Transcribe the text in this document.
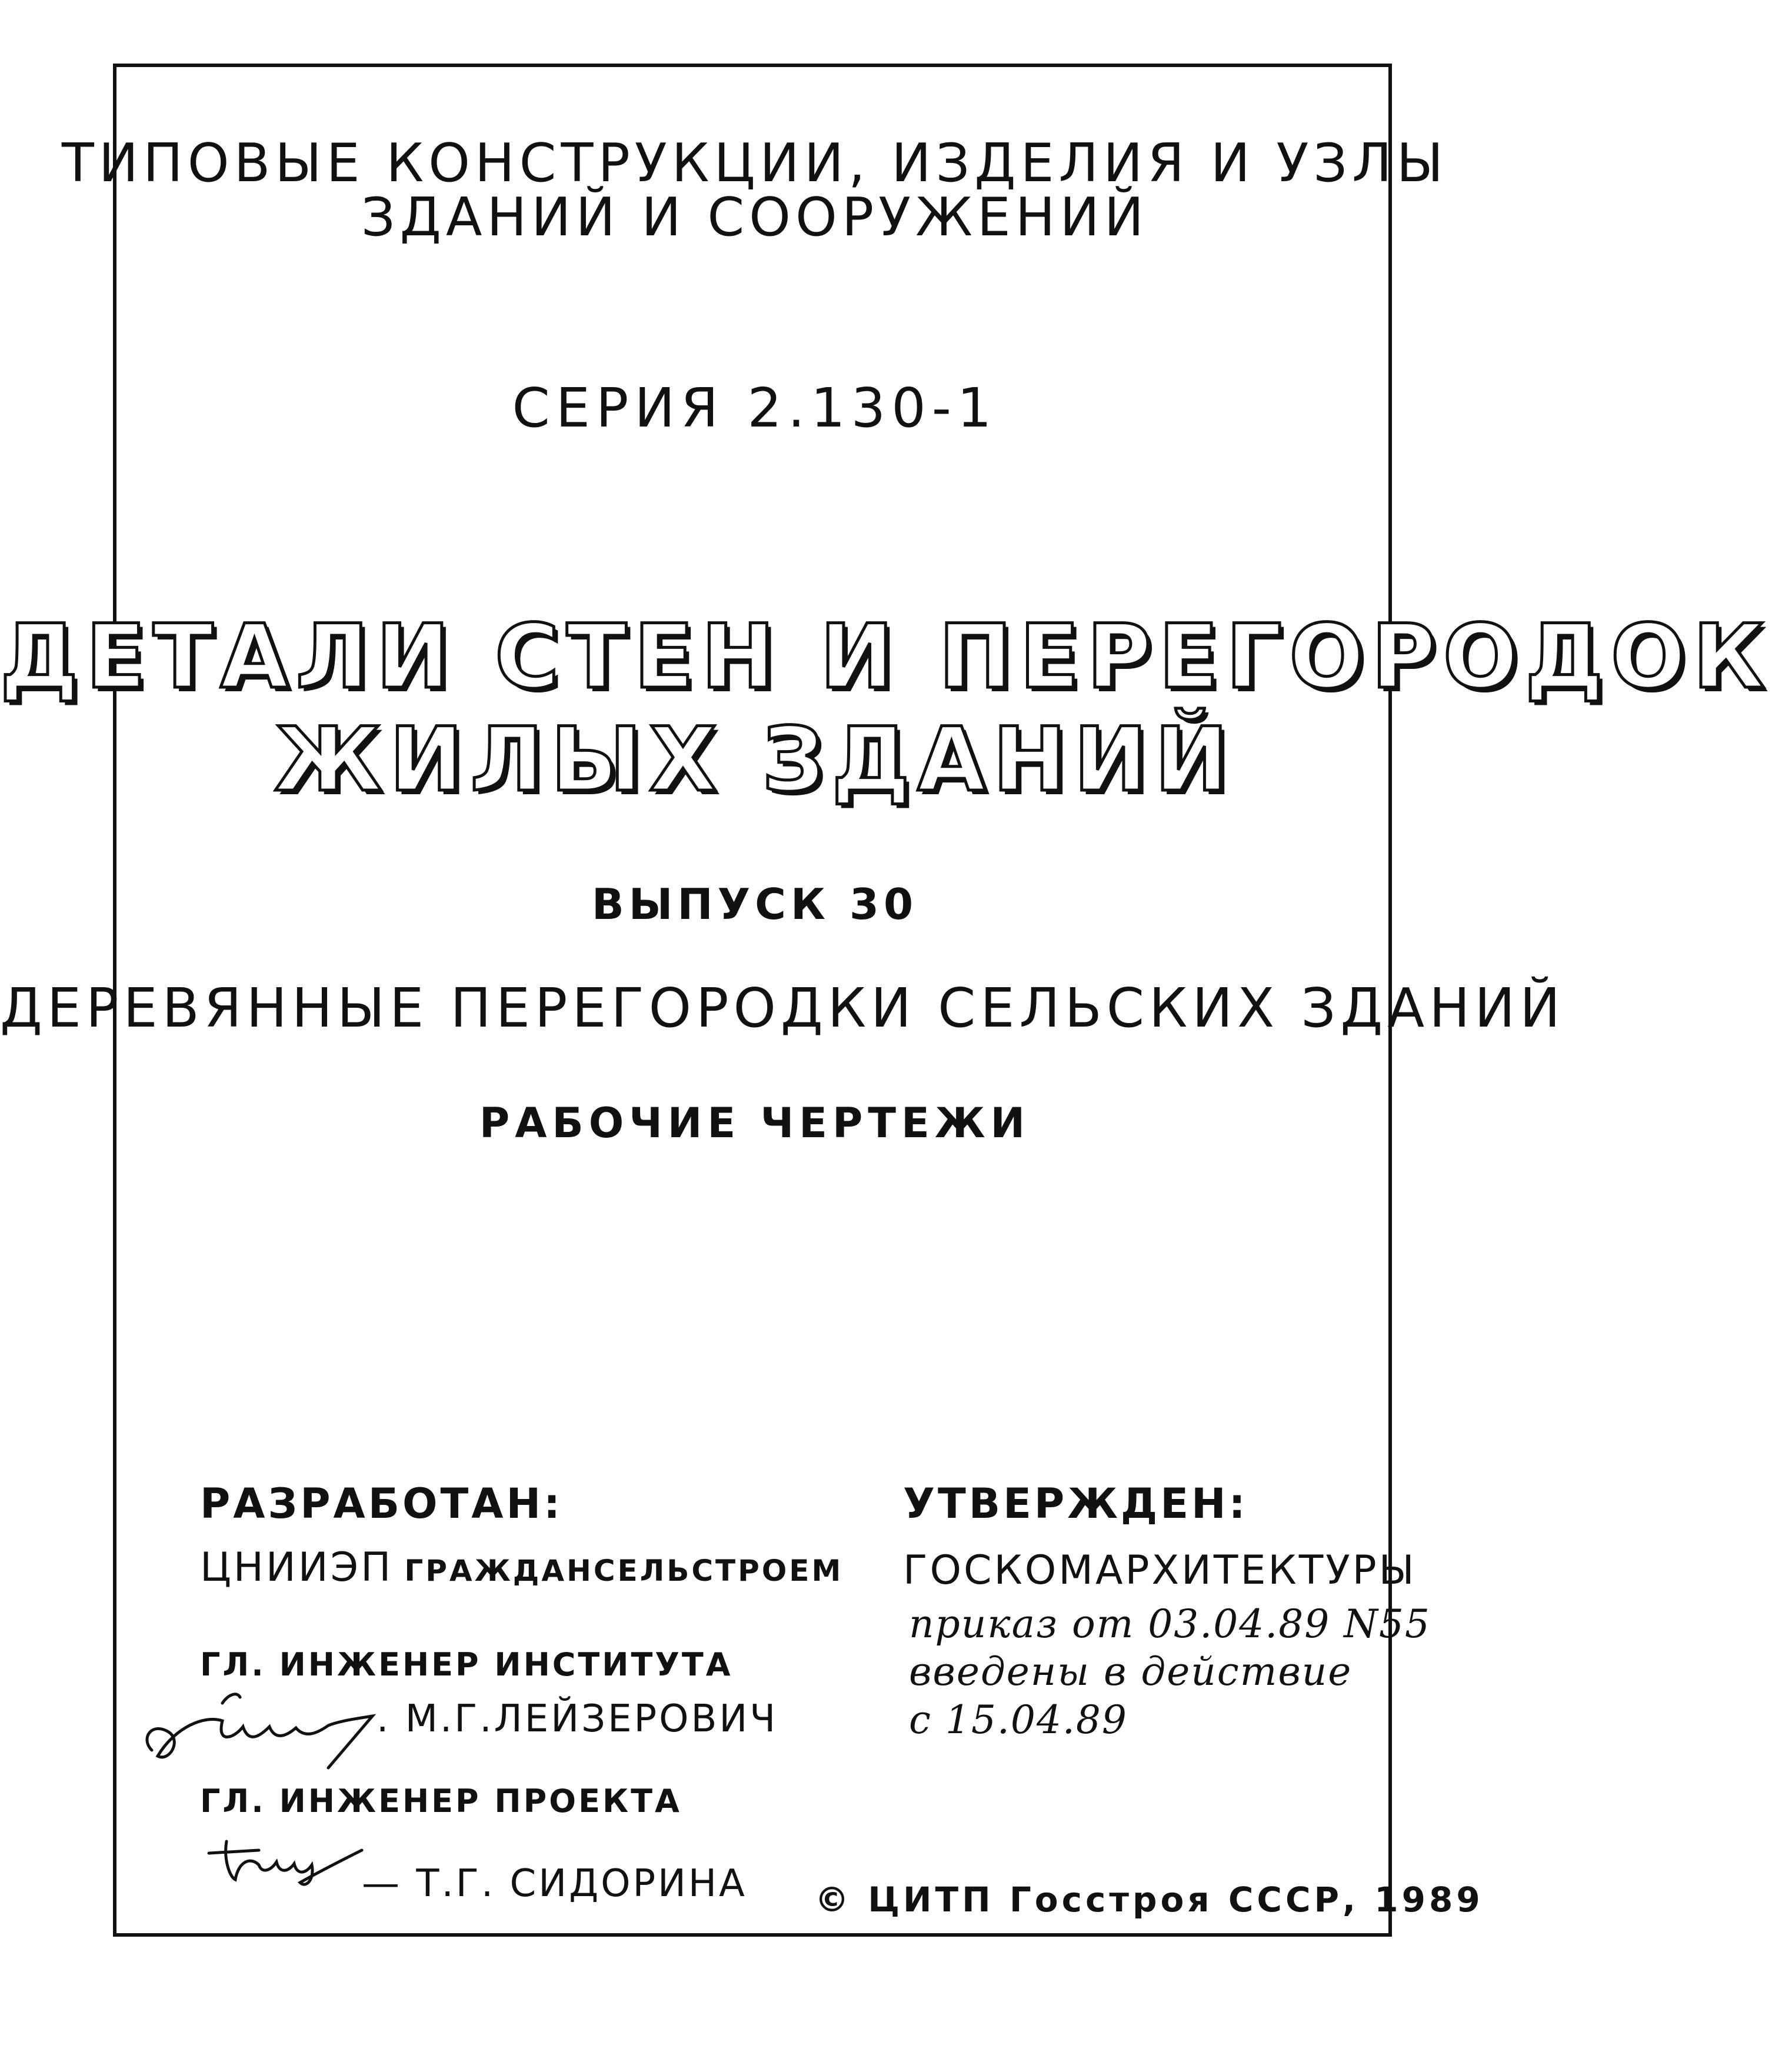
ТИПОВЫЕ КОНСТРУКЦИИ, ИЗДЕЛИЯ И УЗЛЫ
ЗДАНИЙ И СООРУЖЕНИЙ
СЕРИЯ 2.130-1
ДЕТАЛИ СТЕН И ПЕРЕГОРОДОК
ЖИЛЫХ ЗДАНИЙ
ВЫПУСК 30
ДЕРЕВЯННЫЕ ПЕРЕГОРОДКИ СЕЛЬСКИХ ЗДАНИЙ
РАБОЧИЕ ЧЕРТЕЖИ
РАЗРАБОТАН:
ЦНИИЭП ГРАЖДАНСЕЛЬСТРОЕМ
ГЛ. ИНЖЕНЕР ИНСТИТУТА
. М.Г.ЛЕЙЗЕРОВИЧ
ГЛ. ИНЖЕНЕР ПРОЕКТА
— Т.Г. СИДОРИНА
УТВЕРЖДЕН:
ГОСКОМАРХИТЕКТУРЫ
приказ от 03.04.89 N55
введены в действие
с 15.04.89
© ЦИТП Госстроя СССР, 1989
